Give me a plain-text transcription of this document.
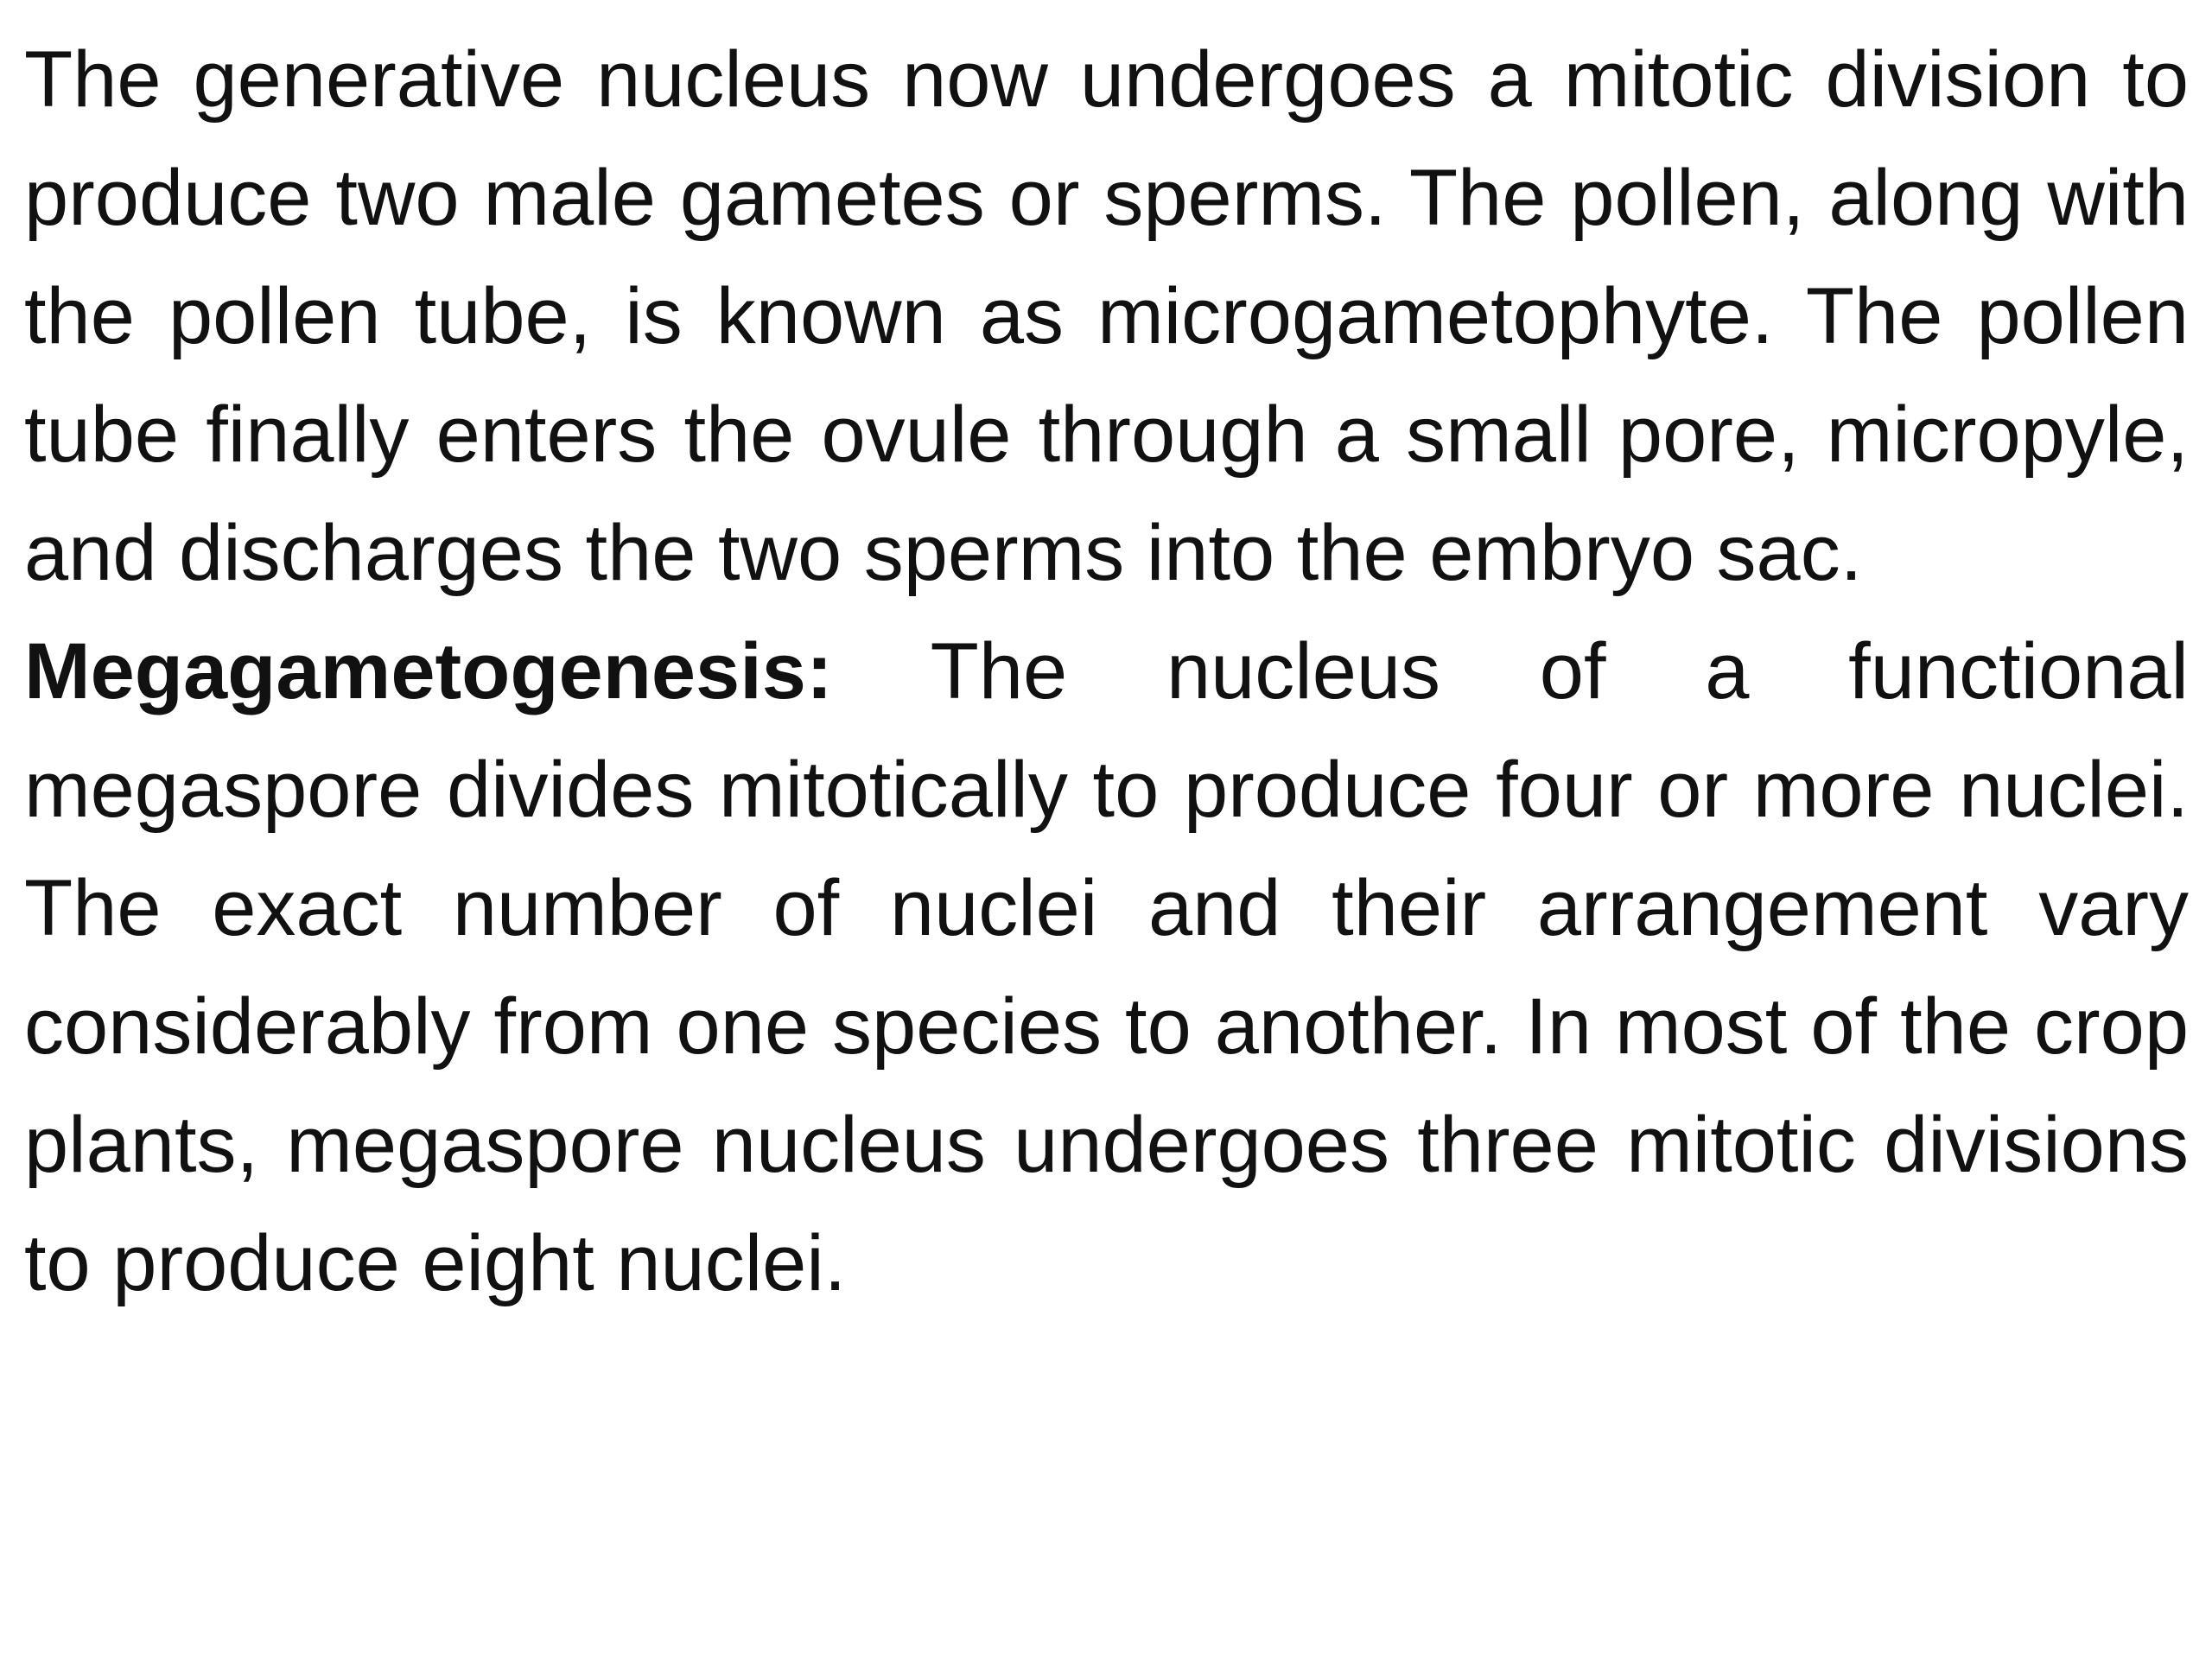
The generative nucleus now undergoes a mitotic division to produce two male gametes or sperms. The pollen, along with the pollen tube, is known as microgametophyte. The pollen tube finally enters the ovule through a small pore, micropyle, and discharges the two sperms into the embryo sac.

Megagametogenesis: The nucleus of a functional megaspore divides mitotically to produce four or more nuclei. The exact number of nuclei and their arrangement vary considerably from one species to another. In most of the crop plants, megaspore nucleus undergoes three mitotic divisions to produce eight nuclei.
